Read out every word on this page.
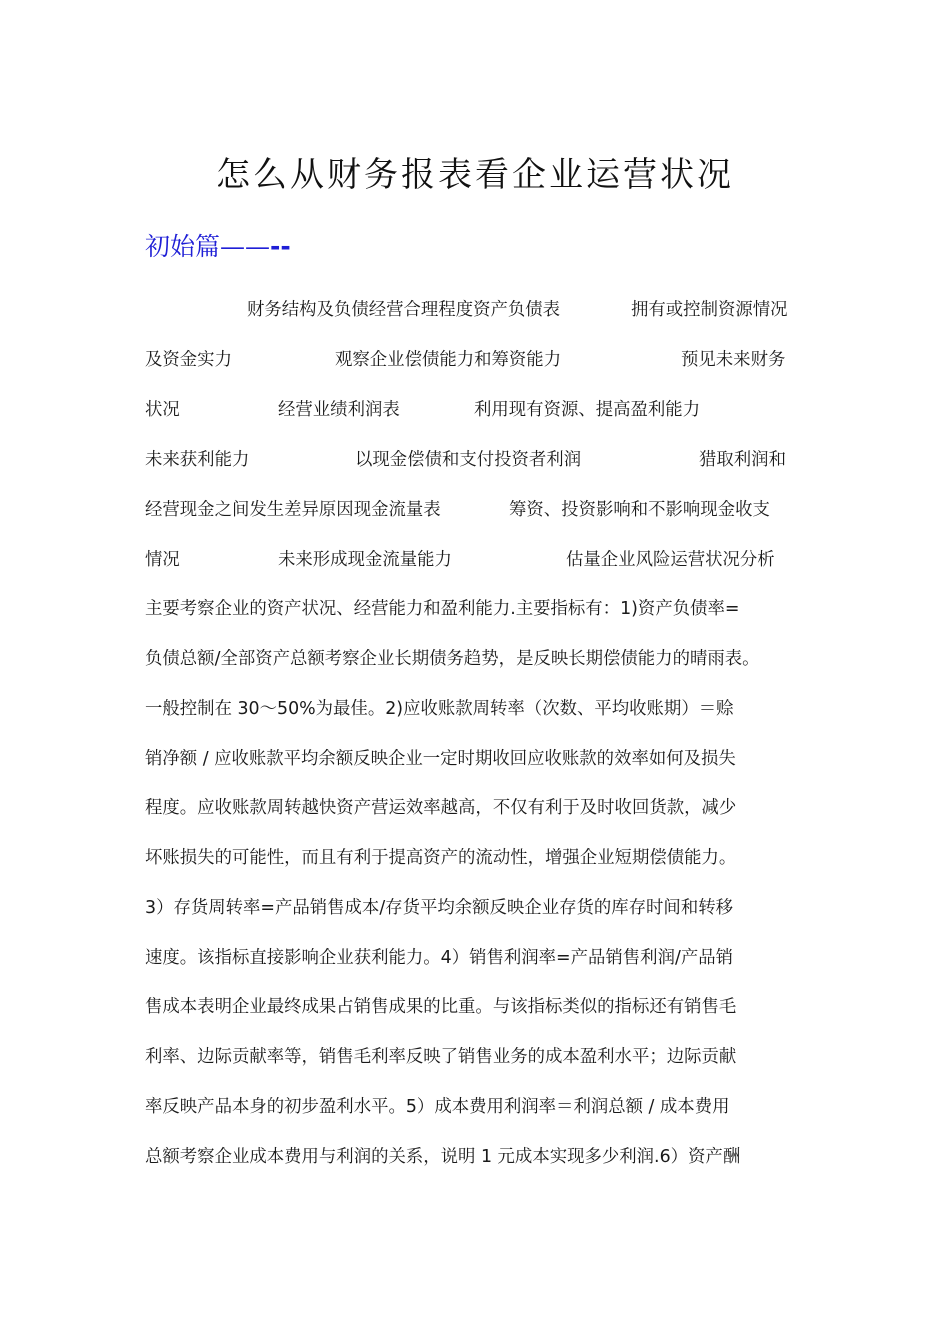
怎么从财务报表看企业运营状况
初始篇——--
财务结构及负债经营合理程度资产负债表	拥有或控制资源情况
及资金实力	观察企业偿债能力和筹资能力	预见未来财务
状况	经营业绩利润表	利用现有资源、提高盈利能力
未来获利能力	以现金偿债和支付投资者利润	猎取利润和
经营现金之间发生差异原因现金流量表	筹资、投资影响和不影响现金收支
情况	未来形成现金流量能力	估量企业风险运营状况分析
主要考察企业的资产状况、经营能力和盈利能力.主要指标有：1)资产负债率=
负债总额/全部资产总额考察企业长期债务趋势，是反映长期偿债能力的晴雨表。
一般控制在 30～50%为最佳。2)应收账款周转率（次数、平均收账期）＝赊
销净额 / 应收账款平均余额反映企业一定时期收回应收账款的效率如何及损失
程度。应收账款周转越快资产营运效率越高，不仅有利于及时收回货款，减少
坏账损失的可能性，而且有利于提高资产的流动性，增强企业短期偿债能力。
3）存货周转率=产品销售成本/存货平均余额反映企业存货的库存时间和转移
速度。该指标直接影响企业获利能力。4）销售利润率=产品销售利润/产品销
售成本表明企业最终成果占销售成果的比重。与该指标类似的指标还有销售毛
利率、边际贡献率等，销售毛利率反映了销售业务的成本盈利水平；边际贡献
率反映产品本身的初步盈利水平。5）成本费用利润率＝利润总额 / 成本费用
总额考察企业成本费用与利润的关系，说明 1 元成本实现多少利润.6）资产酬
